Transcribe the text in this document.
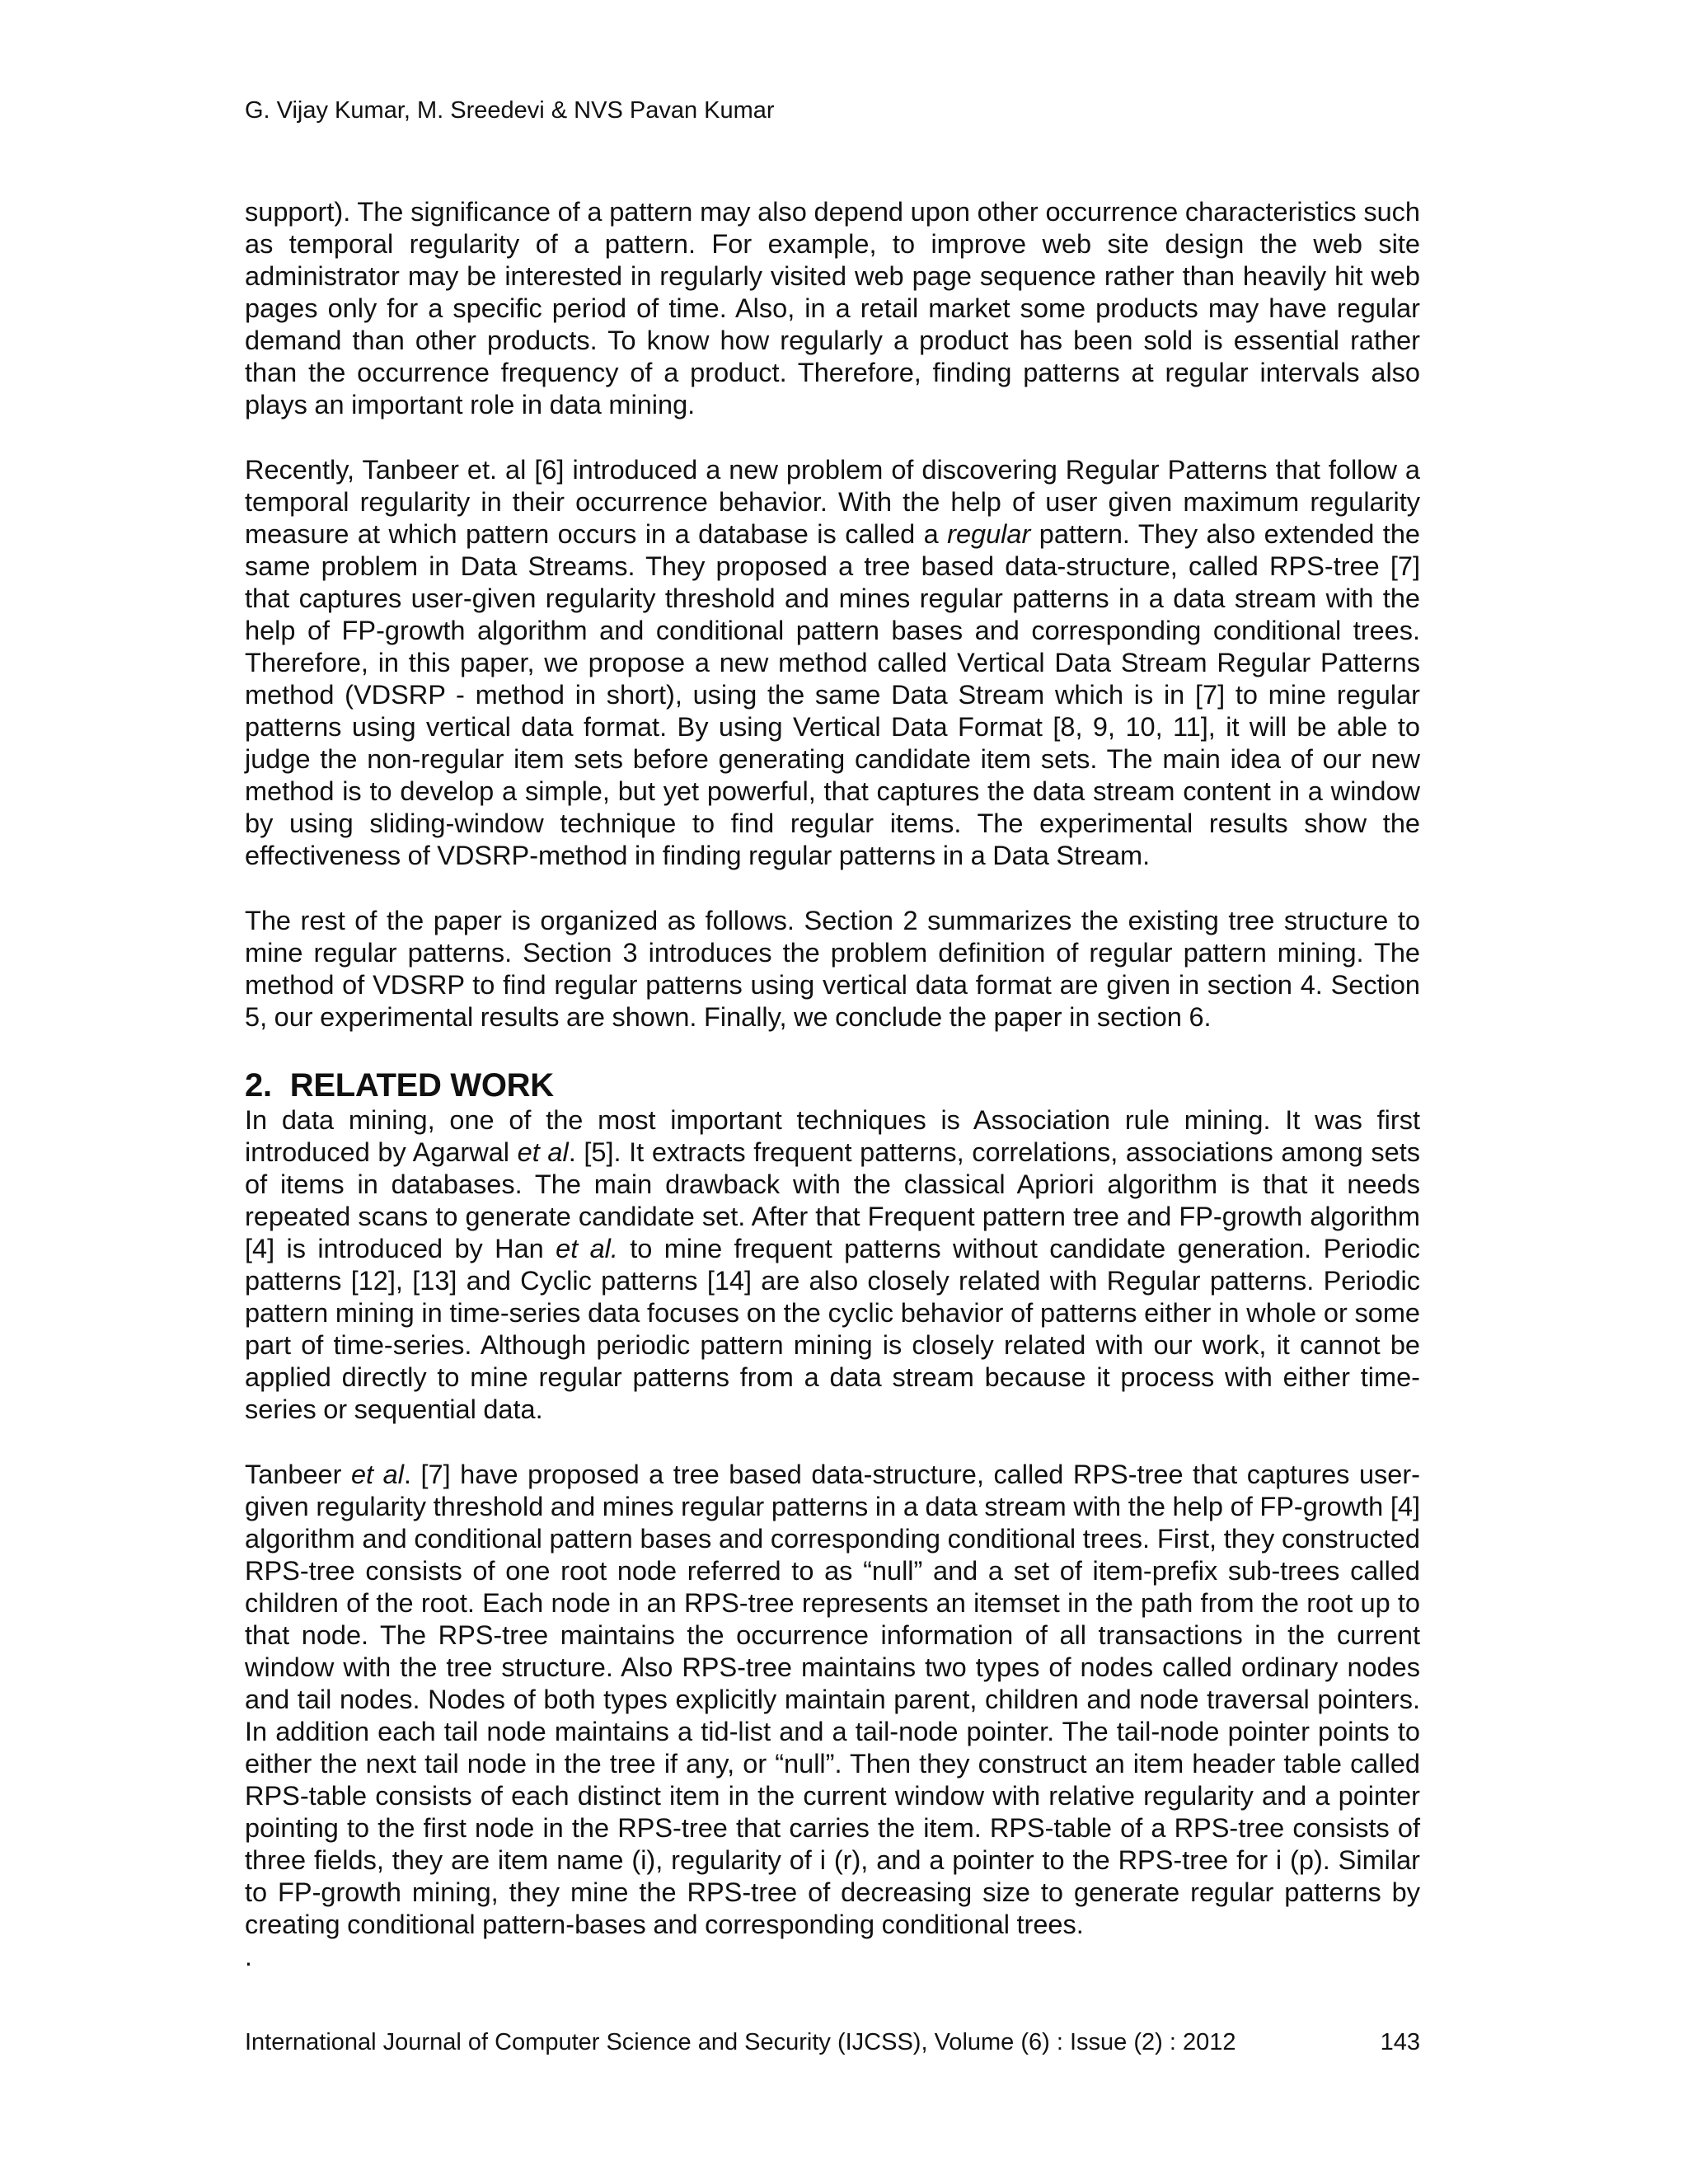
G. Vijay Kumar, M. Sreedevi & NVS Pavan Kumar

support). The significance of a pattern may also depend upon other occurrence characteristics such as temporal regularity of a pattern. For example, to improve web site design the web site administrator may be interested in regularly visited web page sequence rather than heavily hit web pages only for a specific period of time. Also, in a retail market some products may have regular demand than other products. To know how regularly a product has been sold is essential rather than the occurrence frequency of a product. Therefore, finding patterns at regular intervals also plays an important role in data mining.

Recently, Tanbeer et. al [6] introduced a new problem of discovering Regular Patterns that follow a temporal regularity in their occurrence behavior. With the help of user given maximum regularity measure at which pattern occurs in a database is called a regular pattern. They also extended the same problem in Data Streams. They proposed a tree based data-structure, called RPS-tree [7] that captures user-given regularity threshold and mines regular patterns in a data stream with the help of FP-growth algorithm and conditional pattern bases and corresponding conditional trees. Therefore, in this paper, we propose a new method called Vertical Data Stream Regular Patterns method (VDSRP - method in short), using the same Data Stream which is in [7] to mine regular patterns using vertical data format. By using Vertical Data Format [8, 9, 10, 11], it will be able to judge the non-regular item sets before generating candidate item sets. The main idea of our new method is to develop a simple, but yet powerful, that captures the data stream content in a window by using sliding-window technique to find regular items. The experimental results show the effectiveness of VDSRP-method in finding regular patterns in a Data Stream.

The rest of the paper is organized as follows. Section 2 summarizes the existing tree structure to mine regular patterns. Section 3 introduces the problem definition of regular pattern mining. The method of VDSRP to find regular patterns using vertical data format are given in section 4. Section 5, our experimental results are shown. Finally, we conclude the paper in section 6.

2. RELATED WORK

In data mining, one of the most important techniques is Association rule mining. It was first introduced by Agarwal et al. [5]. It extracts frequent patterns, correlations, associations among sets of items in databases. The main drawback with the classical Apriori algorithm is that it needs repeated scans to generate candidate set. After that Frequent pattern tree and FP-growth algorithm [4] is introduced by Han et al. to mine frequent patterns without candidate generation. Periodic patterns [12], [13] and Cyclic patterns [14] are also closely related with Regular patterns. Periodic pattern mining in time-series data focuses on the cyclic behavior of patterns either in whole or some part of time-series. Although periodic pattern mining is closely related with our work, it cannot be applied directly to mine regular patterns from a data stream because it process with either time-series or sequential data.

Tanbeer et al. [7] have proposed a tree based data-structure, called RPS-tree that captures user-given regularity threshold and mines regular patterns in a data stream with the help of FP-growth [4] algorithm and conditional pattern bases and corresponding conditional trees. First, they constructed RPS-tree consists of one root node referred to as “null” and a set of item-prefix sub-trees called children of the root. Each node in an RPS-tree represents an itemset in the path from the root up to that node. The RPS-tree maintains the occurrence information of all transactions in the current window with the tree structure. Also RPS-tree maintains two types of nodes called ordinary nodes and tail nodes. Nodes of both types explicitly maintain parent, children and node traversal pointers. In addition each tail node maintains a tid-list and a tail-node pointer. The tail-node pointer points to either the next tail node in the tree if any, or “null”. Then they construct an item header table called RPS-table consists of each distinct item in the current window with relative regularity and a pointer pointing to the first node in the RPS-tree that carries the item. RPS-table of a RPS-tree consists of three fields, they are item name (i), regularity of i (r), and a pointer to the RPS-tree for i (p). Similar to FP-growth mining, they mine the RPS-tree of decreasing size to generate regular patterns by creating conditional pattern-bases and corresponding conditional trees.

.
International Journal of Computer Science and Security (IJCSS), Volume (6) : Issue (2) : 2012	143
